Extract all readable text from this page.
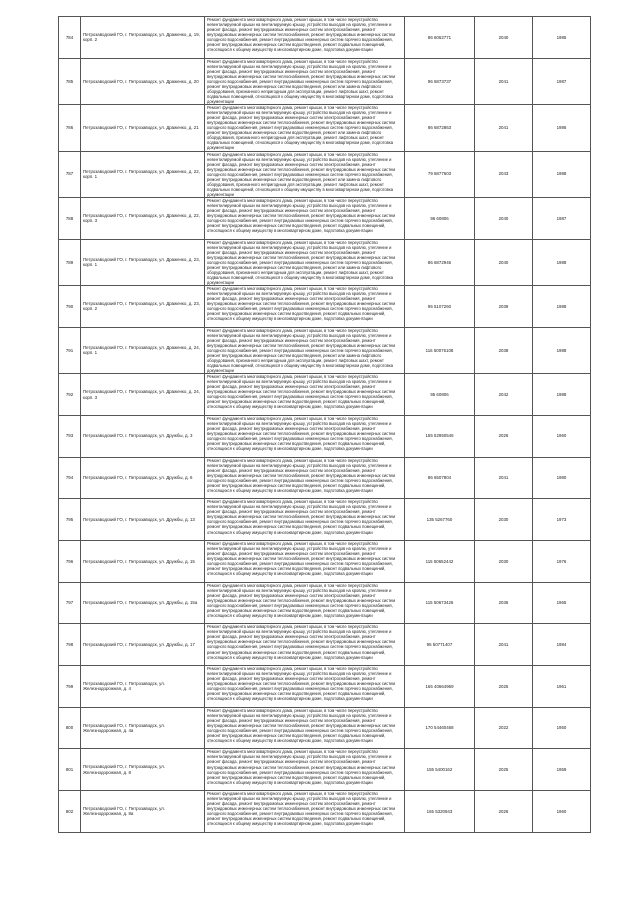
784	Петрозаводский ГО, г. Петрозаводск, ул. Драженко, д. 19, корп. 2	Ремонт фундамента многоквартирного дома, ремонт крыши, в том числе переустройство невентилируемой крыши на вентилируемую крышу, устройство выходов на кровлю, утепление и ремонт фасада, ремонт внутридомовых инженерных систем электроснабжения, ремонт внутридомовых инженерных систем теплоснабжения, ремонт внутридомовых инженерных систем холодного водоснабжения, ремонт внутридомовых инженерных систем горячего водоснабжения, ремонт внутридомовых инженерных систем водоотведения, ремонт подвальных помещений, относящихся к общему имуществу в многоквартирном доме, подготовка документации	86 6062771	2040	1985
785	Петрозаводский ГО, г. Петрозаводск, ул. Драженко, д. 20	Ремонт фундамента многоквартирного дома, ремонт крыши, в том числе переустройство невентилируемой крыши на вентилируемую крышу, устройство выходов на кровлю, утепление и ремонт фасада, ремонт внутридомовых инженерных систем электроснабжения, ремонт внутридомовых инженерных систем теплоснабжения, ремонт внутридомовых инженерных систем холодного водоснабжения, ремонт внутридомовых инженерных систем горячего водоснабжения, ремонт внутридомовых инженерных систем водоотведения, ремонт или замена лифтового оборудования, признанного непригодным для эксплуатации, ремонт лифтовых шахт, ремонт подвальных помещений, относящихся к общему имуществу в многоквартирном доме, подготовка документации	96 6873737	2041	1987
786	Петрозаводский ГО, г. Петрозаводск, ул. Драженко, д. 21	Ремонт фундамента многоквартирного дома, ремонт крыши, в том числе переустройство невентилируемой крыши на вентилируемую крышу, устройство выходов на кровлю, утепление и ремонт фасада, ремонт внутридомовых инженерных систем электроснабжения, ремонт внутридомовых инженерных систем теплоснабжения, ремонт внутридомовых инженерных систем холодного водоснабжения, ремонт внутридомовых инженерных систем горячего водоснабжения, ремонт внутридомовых инженерных систем водоотведения, ремонт или замена лифтового оборудования, признанного непригодным для эксплуатации, ремонт лифтовых шахт, ремонт подвальных помещений, относящихся к общему имуществу в многоквартирном доме, подготовка документации	86 6872863	2041	1986
787	Петрозаводский ГО, г. Петрозаводск, ул. Драженко, д. 22, корп. 1	Ремонт фундамента многоквартирного дома, ремонт крыши, в том числе переустройство невентилируемой крыши на вентилируемую крышу, устройство выходов на кровлю, утепление и ремонт фасада, ремонт внутридомовых инженерных систем электроснабжения, ремонт внутридомовых инженерных систем теплоснабжения, ремонт внутридомовых инженерных систем холодного водоснабжения, ремонт внутридомовых инженерных систем горячего водоснабжения, ремонт внутридомовых инженерных систем водоотведения, ремонт или замена лифтового оборудования, признанного непригодным для эксплуатации, ремонт лифтовых шахт, ремонт подвальных помещений, относящихся к общему имуществу в многоквартирном доме, подготовка документации	79 6877603	2043	1988
788	Петрозаводский ГО, г. Петрозаводск, ул. Драженко, д. 22, корп. 3	Ремонт фундамента многоквартирного дома, ремонт крыши, в том числе переустройство невентилируемой крыши на вентилируемую крышу, устройство выходов на кровлю, утепление и ремонт фасада, ремонт внутридомовых инженерных систем электроснабжения, ремонт внутридомовых инженерных систем теплоснабжения, ремонт внутридомовых инженерных систем холодного водоснабжения, ремонт внутридомовых инженерных систем горячего водоснабжения, ремонт внутридомовых инженерных систем водоотведения, ремонт подвальных помещений, относящихся к общему имуществу в многоквартирном доме, подготовка документации	96 60806	2040	1987
789	Петрозаводский ГО, г. Петрозаводск, ул. Драженко, д. 23, корп. 1	Ремонт фундамента многоквартирного дома, ремонт крыши, в том числе переустройство невентилируемой крыши на вентилируемую крышу, устройство выходов на кровлю, утепление и ремонт фасада, ремонт внутридомовых инженерных систем электроснабжения, ремонт внутридомовых инженерных систем теплоснабжения, ремонт внутридомовых инженерных систем холодного водоснабжения, ремонт внутридомовых инженерных систем горячего водоснабжения, ремонт внутридомовых инженерных систем водоотведения, ремонт или замена лифтового оборудования, признанного непригодным для эксплуатации, ремонт лифтовых шахт, ремонт подвальных помещений, относящихся к общему имуществу в многоквартирном доме, подготовка документации	86 6872946	2040	1988
790	Петрозаводский ГО, г. Петрозаводск, ул. Драженко, д. 23, корп. 2	Ремонт фундамента многоквартирного дома, ремонт крыши, в том числе переустройство невентилируемой крыши на вентилируемую крышу, устройство выходов на кровлю, утепление и ремонт фасада, ремонт внутридомовых инженерных систем электроснабжения, ремонт внутридомовых инженерных систем теплоснабжения, ремонт внутридомовых инженерных систем холодного водоснабжения, ремонт внутридомовых инженерных систем горячего водоснабжения, ремонт внутридомовых инженерных систем водоотведения, ремонт подвальных помещений, относящихся к общему имуществу в многоквартирном доме, подготовка документации	95 5107260	2039	1988
791	Петрозаводский ГО, г. Петрозаводск, ул. Драженко, д. 24, корп. 1	Ремонт фундамента многоквартирного дома, ремонт крыши, в том числе переустройство невентилируемой крыши на вентилируемую крышу, устройство выходов на кровлю, утепление и ремонт фасада, ремонт внутридомовых инженерных систем электроснабжения, ремонт внутридомовых инженерных систем теплоснабжения, ремонт внутридомовых инженерных систем холодного водоснабжения, ремонт внутридомовых инженерных систем горячего водоснабжения, ремонт внутридомовых инженерных систем водоотведения, ремонт или замена лифтового оборудования, признанного непригодным для эксплуатации, ремонт лифтовых шахт, ремонт подвальных помещений, относящихся к общему имуществу в многоквартирном доме, подготовка документации	116 50076108	2038	1988
792	Петрозаводский ГО, г. Петрозаводск, ул. Драженко, д. 24, корп. 3	Ремонт фундамента многоквартирного дома, ремонт крыши, в том числе переустройство невентилируемой крыши на вентилируемую крышу, устройство выходов на кровлю, утепление и ремонт фасада, ремонт внутридомовых инженерных систем электроснабжения, ремонт внутридомовых инженерных систем теплоснабжения, ремонт внутридомовых инженерных систем холодного водоснабжения, ремонт внутридомовых инженерных систем горячего водоснабжения, ремонт внутридомовых инженерных систем водоотведения, ремонт подвальных помещений, относящихся к общему имуществу в многоквартирном доме, подготовка документации	95 60806	2042	1988
793	Петрозаводский ГО, г. Петрозаводск, ул. Дружбы, д. 3	Ремонт фундамента многоквартирного дома, ремонт крыши, в том числе переустройство невентилируемой крыши на вентилируемую крышу, устройство выходов на кровлю, утепление и ремонт фасада, ремонт внутридомовых инженерных систем электроснабжения, ремонт внутридомовых инженерных систем теплоснабжения, ремонт внутридомовых инженерных систем холодного водоснабжения, ремонт внутридомовых инженерных систем горячего водоснабжения, ремонт внутридомовых инженерных систем водоотведения, ремонт подвальных помещений, относящихся к общему имуществу в многоквартирном доме, подготовка документации	155 52950546	2026	1960
794	Петрозаводский ГО, г. Петрозаводск, ул. Дружбы, д. 6	Ремонт фундамента многоквартирного дома, ремонт крыши, в том числе переустройство невентилируемой крыши на вентилируемую крышу, устройство выходов на кровлю, утепление и ремонт фасада, ремонт внутридомовых инженерных систем электроснабжения, ремонт внутридомовых инженерных систем теплоснабжения, ремонт внутридомовых инженерных систем холодного водоснабжения, ремонт внутридомовых инженерных систем горячего водоснабжения, ремонт внутридомовых инженерных систем водоотведения, ремонт подвальных помещений, относящихся к общему имуществу в многоквартирном доме, подготовка документации	86 6507804	2041	1980
795	Петрозаводский ГО, г. Петрозаводск, ул. Дружбы, д. 13	Ремонт фундамента многоквартирного дома, ремонт крыши, в том числе переустройство невентилируемой крыши на вентилируемую крышу, устройство выходов на кровлю, утепление и ремонт фасада, ремонт внутридомовых инженерных систем электроснабжения, ремонт внутридомовых инженерных систем теплоснабжения, ремонт внутридомовых инженерных систем холодного водоснабжения, ремонт внутридомовых инженерных систем горячего водоснабжения, ремонт внутридомовых инженерных систем водоотведения, ремонт подвальных помещений, относящихся к общему имуществу в многоквартирном доме, подготовка документации	135 5267760	2030	1973
796	Петрозаводский ГО, г. Петрозаводск, ул. Дружбы, д. 15	Ремонт фундамента многоквартирного дома, ремонт крыши, в том числе переустройство невентилируемой крыши на вентилируемую крышу, устройство выходов на кровлю, утепление и ремонт фасада, ремонт внутридомовых инженерных систем электроснабжения, ремонт внутридомовых инженерных систем теплоснабжения, ремонт внутридомовых инженерных систем холодного водоснабжения, ремонт внутридомовых инженерных систем горячего водоснабжения, ремонт внутридомовых инженерных систем водоотведения, ремонт подвальных помещений, относящихся к общему имуществу в многоквартирном доме, подготовка документации	115 50652442	2030	1976
797	Петрозаводский ГО, г. Петрозаводск, ул. Дружбы, д. 15а	Ремонт фундамента многоквартирного дома, ремонт крыши, в том числе переустройство невентилируемой крыши на вентилируемую крышу, устройство выходов на кровлю, утепление и ремонт фасада, ремонт внутридомовых инженерных систем электроснабжения, ремонт внутридомовых инженерных систем теплоснабжения, ремонт внутридомовых инженерных систем холодного водоснабжения, ремонт внутридомовых инженерных систем горячего водоснабжения, ремонт внутридомовых инженерных систем водоотведения, ремонт подвальных помещений, относящихся к общему имуществу в многоквартирном доме, подготовка документации	115 50673426	2036	1965
798	Петрозаводский ГО, г. Петрозаводск, ул. Дружбы, д. 17	Ремонт фундамента многоквартирного дома, ремонт крыши, в том числе переустройство невентилируемой крыши на вентилируемую крышу, устройство выходов на кровлю, утепление и ремонт фасада, ремонт внутридомовых инженерных систем электроснабжения, ремонт внутридомовых инженерных систем теплоснабжения, ремонт внутридомовых инженерных систем холодного водоснабжения, ремонт внутридомовых инженерных систем горячего водоснабжения, ремонт внутридомовых инженерных систем водоотведения, ремонт подвальных помещений, относящихся к общему имуществу в многоквартирном доме, подготовка документации	95 50771407	2041	1984
799	Петрозаводский ГО, г. Петрозаводск, ул. Железнодорожная, д. 4	Ремонт фундамента многоквартирного дома, ремонт крыши, в том числе переустройство невентилируемой крыши на вентилируемую крышу, устройство выходов на кровлю, утепление и ремонт фасада, ремонт внутридомовых инженерных систем электроснабжения, ремонт внутридомовых инженерных систем теплоснабжения, ремонт внутридомовых инженерных систем холодного водоснабжения, ремонт внутридомовых инженерных систем горячего водоснабжения, ремонт внутридомовых инженерных систем водоотведения, ремонт подвальных помещений, относящихся к общему имуществу в многоквартирном доме, подготовка документации	165 40664969	2025	1961
800	Петрозаводский ГО, г. Петрозаводск, ул. Железнодорожная, д. 4а	Ремонт фундамента многоквартирного дома, ремонт крыши, в том числе переустройство невентилируемой крыши на вентилируемую крышу, устройство выходов на кровлю, утепление и ремонт фасада, ремонт внутридомовых инженерных систем электроснабжения, ремонт внутридомовых инженерных систем теплоснабжения, ремонт внутридомовых инженерных систем холодного водоснабжения, ремонт внутридомовых инженерных систем горячего водоснабжения, ремонт внутридомовых инженерных систем водоотведения, ремонт подвальных помещений, относящихся к общему имуществу в многоквартирном доме, подготовка документации	170 54460468	2022	1950
801	Петрозаводский ГО, г. Петрозаводск, ул. Железнодорожная, д. 8	Ремонт фундамента многоквартирного дома, ремонт крыши, в том числе переустройство невентилируемой крыши на вентилируемую крышу, устройство выходов на кровлю, утепление и ремонт фасада, ремонт внутридомовых инженерных систем электроснабжения, ремонт внутридомовых инженерных систем теплоснабжения, ремонт внутридомовых инженерных систем холодного водоснабжения, ремонт внутридомовых инженерных систем горячего водоснабжения, ремонт внутридомовых инженерных систем водоотведения, ремонт подвальных помещений, относящихся к общему имуществу в многоквартирном доме, подготовка документации	155 5400162	2025	1959
802	Петрозаводский ГО, г. Петрозаводск, ул. Железнодорожная, д. 8а	Ремонт фундамента многоквартирного дома, ремонт крыши, в том числе переустройство невентилируемой крыши на вентилируемую крышу, устройство выходов на кровлю, утепление и ремонт фасада, ремонт внутридомовых инженерных систем электроснабжения, ремонт внутридомовых инженерных систем теплоснабжения, ремонт внутридомовых инженерных систем холодного водоснабжения, ремонт внутридомовых инженерных систем горячего водоснабжения, ремонт внутридомовых инженерных систем водоотведения, ремонт подвальных помещений, относящихся к общему имуществу в многоквартирном доме, подготовка документации	165 5320943	2026	1960
